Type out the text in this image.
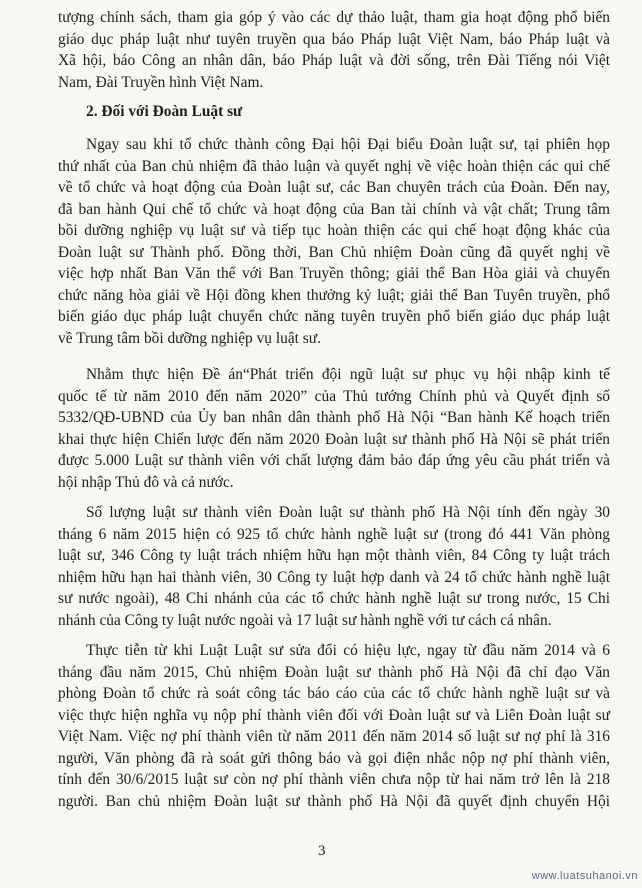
tượng chính sách, tham gia góp ý vào các dự thảo luật, tham gia hoạt động phổ biến
giáo dục pháp luật như tuyên truyền qua báo Pháp luật Việt Nam, báo Pháp luật và
Xã hội, báo Công an nhân dân, báo Pháp luật và đời sống, trên Đài Tiếng nói Việt
Nam, Đài Truyền hình Việt Nam.
2. Đối với Đoàn Luật sư
Ngay sau khi tổ chức thành công Đại hội Đại biểu Đoàn luật sư, tại phiên họp
thứ nhất của Ban chủ nhiệm đã thảo luận và quyết nghị về việc hoàn thiện các qui chế
về tổ chức và hoạt động của Đoàn luật sư, các Ban chuyên trách của Đoàn. Đến nay,
đã ban hành Qui chế tổ chức và hoạt động của Ban tài chính và vật chất; Trung tâm
bồi dưỡng nghiệp vụ luật sư và tiếp tục hoàn thiện các qui chế hoạt động khác của
Đoàn luật sư Thành phố. Đồng thời, Ban Chủ nhiệm Đoàn cũng đã quyết nghị về
việc hợp nhất Ban Văn thể với Ban Truyền thông; giải thể Ban Hòa giải và chuyển
chức năng hòa giải về Hội đồng khen thưởng kỷ luật; giải thể Ban Tuyên truyền, phổ
biến giáo dục pháp luật chuyển chức năng tuyên truyền phổ biến giáo dục pháp luật
về Trung tâm bồi dưỡng nghiệp vụ luật sư.
Nhằm thực hiện Đề án“Phát triển đội ngũ luật sư phục vụ hội nhập kinh tế
quốc tế từ năm 2010 đến năm 2020” của Thủ tướng Chính phủ và Quyết định số
5332/QĐ-UBND của Ủy ban nhân dân thành phố Hà Nội “Ban hành Kế hoạch triển
khai thực hiện Chiến lược đến năm 2020 Đoàn luật sư thành phố Hà Nội sẽ phát triển
được 5.000 Luật sư thành viên với chất lượng đảm bảo đáp ứng yêu cầu phát triển và
hội nhập Thủ đô và cả nước.
Số lượng luật sư thành viên Đoàn luật sư thành phố Hà Nội tính đến ngày 30
tháng 6 năm 2015 hiện có 925 tổ chức hành nghề luật sư (trong đó 441 Văn phòng
luật sư, 346 Công ty luật trách nhiệm hữu hạn một thành viên, 84 Công ty luật trách
nhiệm hữu hạn hai thành viên, 30 Công ty luật hợp danh và 24 tổ chức hành nghề luật
sư nước ngoài), 48 Chi nhánh của các tổ chức hành nghề luật sư trong nước, 15 Chi
nhánh của Công ty luật nước ngoài và 17 luật sư hành nghề với tư cách cá nhân.
Thực tiễn từ khi Luật Luật sư sửa đổi có hiệu lực, ngay từ đầu năm 2014 và 6
tháng đầu năm 2015, Chủ nhiệm Đoàn luật sư thành phố Hà Nội đã chỉ đạo Văn
phòng Đoàn tổ chức rà soát công tác báo cáo của các tổ chức hành nghề luật sư và
việc thực hiện nghĩa vụ nộp phí thành viên đối với Đoàn luật sư và Liên Đoàn luật sư
Việt Nam. Việc nợ phí thành viên từ năm 2011 đến năm 2014 số luật sư nợ phí là 316
người, Văn phòng đã rà soát gửi thông báo và gọi điện nhắc nộp nợ phí thành viên,
tính đến 30/6/2015 luật sư còn nợ phí thành viên chưa nộp từ hai năm trở lên là 218
người. Ban chủ nhiệm Đoàn luật sư thành phố Hà Nội đã quyết định chuyển Hội
3
www.luatsuhanoi.vn
